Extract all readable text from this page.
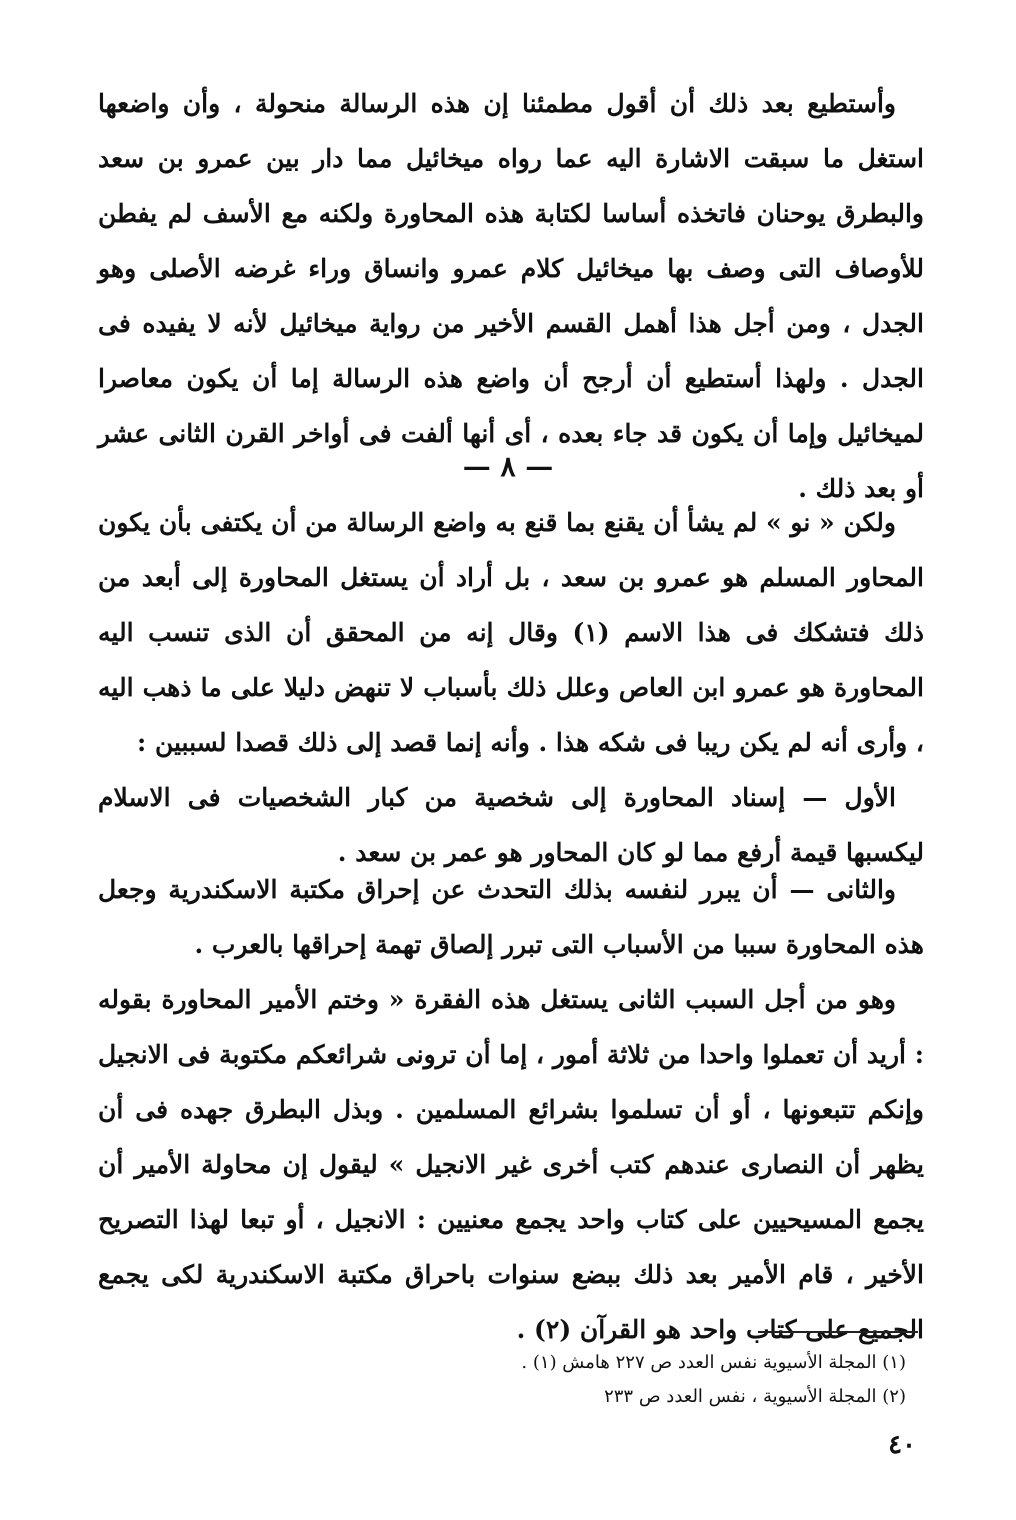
وأستطيع بعد ذلك أن أقول مطمئنا إن هذه الرسالة منحولة ، وأن واضعها استغل ما سبقت الاشارة اليه عما رواه ميخائيل مما دار بين عمرو بن سعد والبطرق يوحنان فاتخذه أساسا لكتابة هذه المحاورة ولكنه مع الأسف لم يفطن للأوصاف التى وصف بها ميخائيل كلام عمرو وانساق وراء غرضه الأصلى وهو الجدل ، ومن أجل هذا أهمل القسم الأخير من رواية ميخائيل لأنه لا يفيده فى الجدل . ولهذا أستطيع أن أرجح أن واضع هذه الرسالة إما أن يكون معاصرا لميخائيل وإما أن يكون قد جاء بعده ، أى أنها ألفت فى أواخر القرن الثانى عشر أو بعد ذلك .

— ٨ —

ولكن « نو » لم يشأ أن يقنع بما قنع به واضع الرسالة من أن يكتفى بأن يكون المحاور المسلم هو عمرو بن سعد ، بل أراد أن يستغل المحاورة إلى أبعد من ذلك فتشكك فى هذا الاسم (١) وقال إنه من المحقق أن الذى تنسب اليه المحاورة هو عمرو ابن العاص وعلل ذلك بأسباب لا تنهض دليلا على ما ذهب اليه ، وأرى أنه لم يكن ريبا فى شكه هذا . وأنه إنما قصد إلى ذلك قصدا لسببين :

الأول — إسناد المحاورة إلى شخصية من كبار الشخصيات فى الاسلام ليكسبها قيمة أرفع مما لو كان المحاور هو عمر بن سعد .

والثانى — أن يبرر لنفسه بذلك التحدث عن إحراق مكتبة الاسكندرية وجعل هذه المحاورة سببا من الأسباب التى تبرر إلصاق تهمة إحراقها بالعرب .

وهو من أجل السبب الثانى يستغل هذه الفقرة « وختم الأمير المحاورة بقوله : أريد أن تعملوا واحدا من ثلاثة أمور ، إما أن ترونى شرائعكم مكتوبة فى الانجيل وإنكم تتبعونها ، أو أن تسلموا بشرائع المسلمين . وبذل البطرق جهده فى أن يظهر أن النصارى عندهم كتب أخرى غير الانجيل » ليقول إن محاولة الأمير أن يجمع المسيحيين على كتاب واحد يجمع معنيين : الانجيل ، أو تبعا لهذا التصريح الأخير ، قام الأمير بعد ذلك ببضع سنوات باحراق مكتبة الاسكندرية لكى يجمع الجميع على كتاب واحد هو القرآن (٢) .

(١) المجلة الأسيوية نفس العدد ص ٢٢٧ هامش (١) .
(٢) المجلة الأسيوية ، نفس العدد ص ٢٣٣
٤٠
